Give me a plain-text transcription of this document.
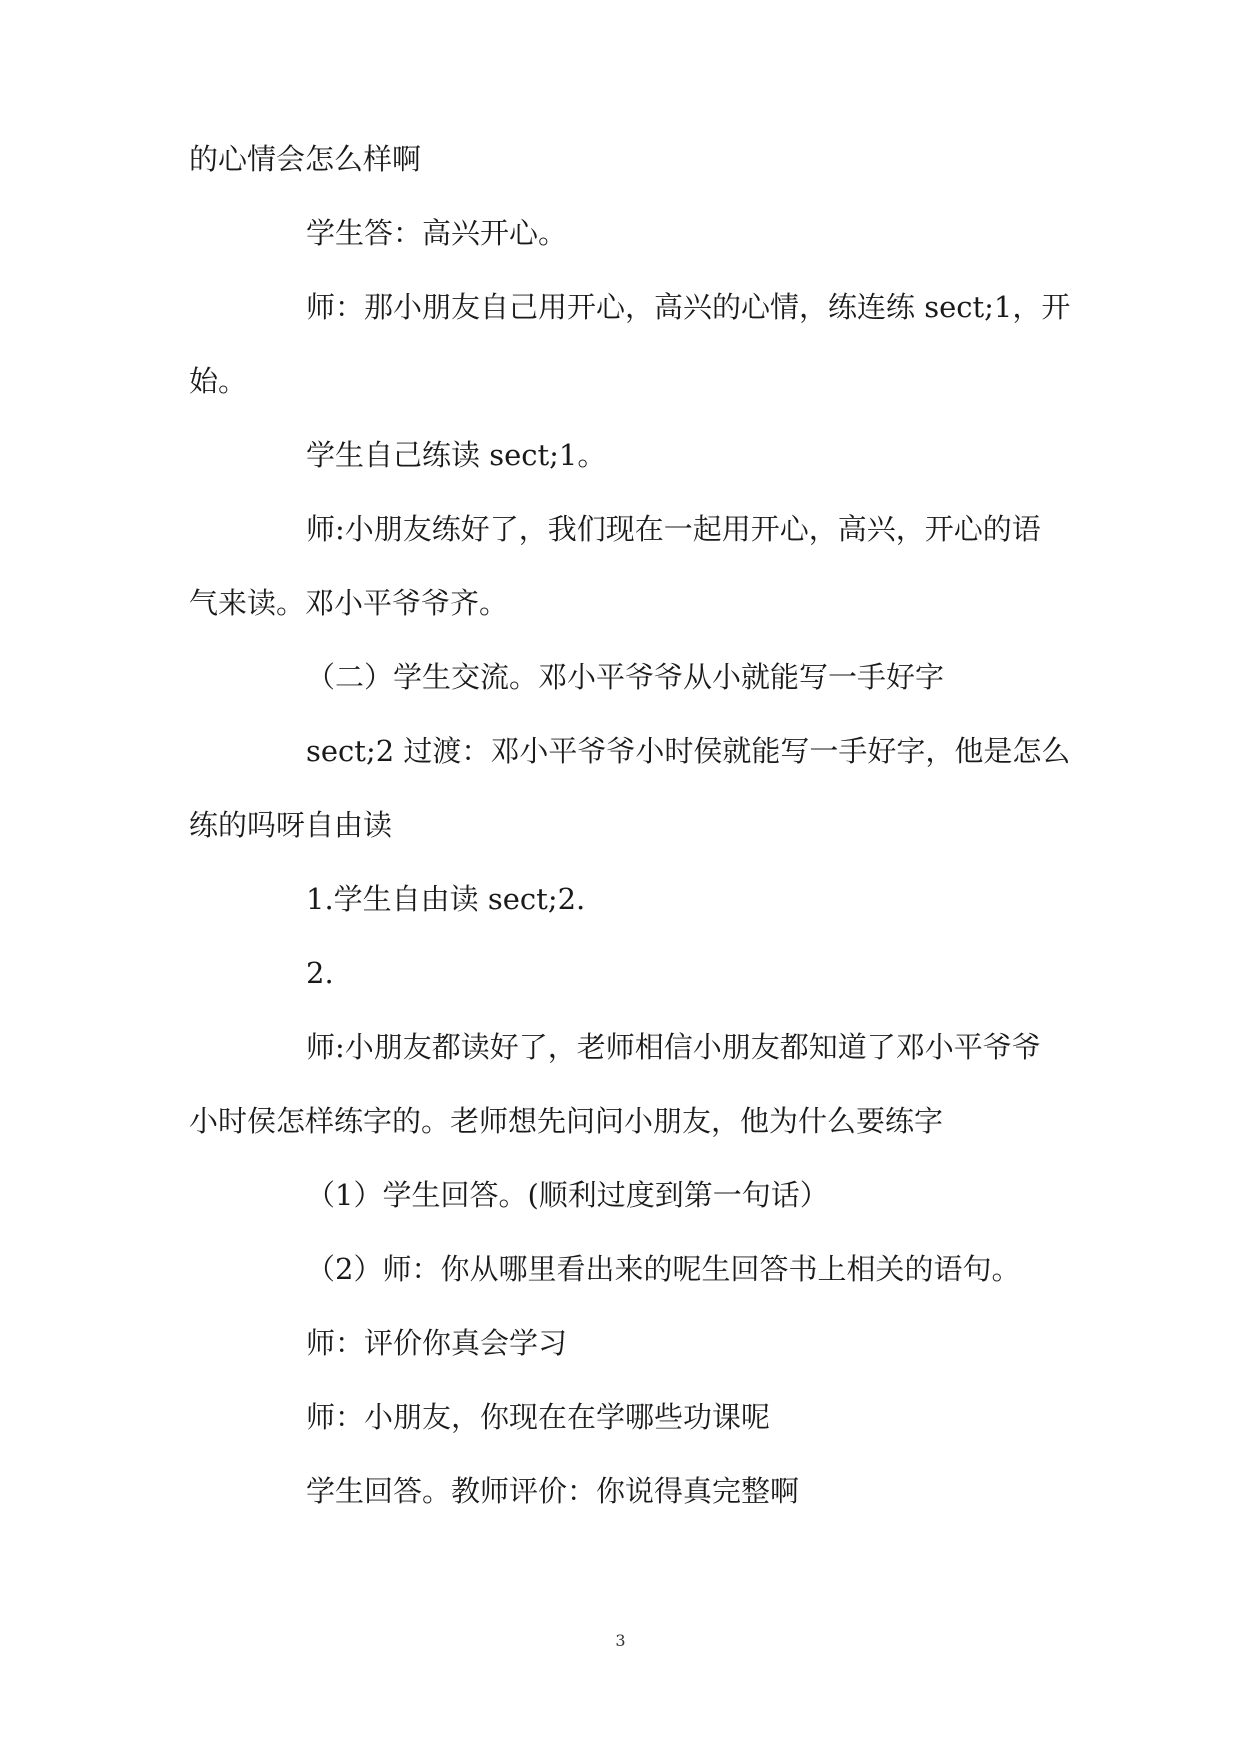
的心情会怎么样啊
学生答：高兴开心。
师：那小朋友自己用开心，高兴的心情，练连练 sect;1，开
始。
学生自己练读 sect;1。
师:小朋友练好了，我们现在一起用开心，高兴，开心的语
气来读。邓小平爷爷齐。
（二）学生交流。邓小平爷爷从小就能写一手好字
sect;2 过渡：邓小平爷爷小时侯就能写一手好字，他是怎么
练的吗呀自由读
1.学生自由读 sect;2.
2.
师:小朋友都读好了，老师相信小朋友都知道了邓小平爷爷
小时侯怎样练字的。老师想先问问小朋友，他为什么要练字
（1）学生回答。(顺利过度到第一句话）
（2）师：你从哪里看出来的呢生回答书上相关的语句。
师：评价你真会学习
师：小朋友，你现在在学哪些功课呢
学生回答。教师评价：你说得真完整啊
3
